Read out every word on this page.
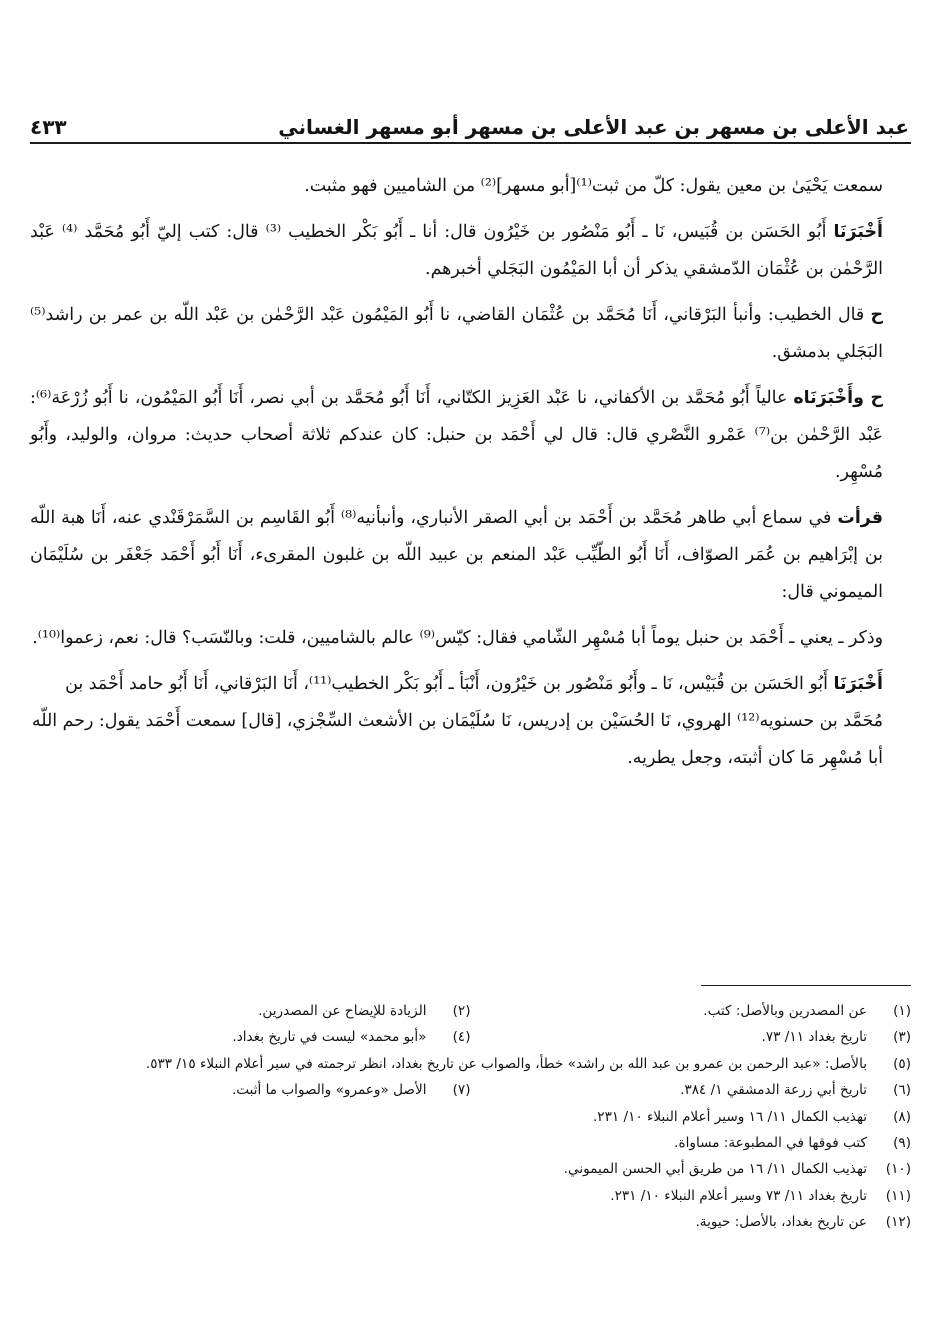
عبد الأعلى بن مسهر بن عبد الأعلى بن مسهر أبو مسهر الغساني
٤٣٣

سمعت يَحْيَىٰ بن معين يقول: كلّ من ثبت⁽¹⁾[أبو مسهر]⁽²⁾ من الشاميين فهو مثبت.

أَخْبَرَنَا أَبُو الحَسَن بن قُبَيس، نَا ـ أَبُو مَنْصُور بن خَيْرُون قال: أنا ـ أَبُو بَكْر الخطيب ⁽³⁾ قال: كتب إليّ أَبُو مُحَمَّد ⁽⁴⁾ عَبْد الرَّحْمٰن بن عُثْمَان الدّمشقي يذكر أن أبا المَيْمُون البَجَلي أخبرهم.

ح قال الخطيب: وأنبأ البَرْقاني، أَنَا مُحَمَّد بن عُثْمَان القاضي، نا أَبُو المَيْمُون عَبْد الرَّحْمٰن بن عَبْد اللّه بن عمر بن راشد⁽⁵⁾ البَجَلي بدمشق.

ح وأَخْبَرَنَاه عالياً أَبُو مُحَمَّد بن الأكفاني، نا عَبْد العَزِيز الكتّاني، أَنَا أَبُو مُحَمَّد بن أبي نصر، أَنَا أَبُو المَيْمُون، نا أَبُو زُرْعَة⁽⁶⁾: عَبْد الرَّحْمٰن بن⁽⁷⁾ عَمْرو النَّصْري قال: قال لي أَحْمَد بن حنبل: كان عندكم ثلاثة أصحاب حديث: مروان، والوليد، وأَبُو مُسْهِر.

قرأت في سماع أبي طاهر مُحَمَّد بن أَحْمَد بن أبي الصقر الأنباري، وأنبأنيه⁽⁸⁾ أَبُو القَاسِم بن السَّمَرْقَنْدي عنه، أَنَا هبة اللّه بن إبْرَاهيم بن عُمَر الصوّاف، أَنَا أَبُو الطّيِّب عَبْد المنعم بن عبيد اللّه بن غلبون المقرىء، أَنَا أَبُو أَحْمَد جَعْفَر بن سُلَيْمَان الميموني قال:

وذكر ـ يعني ـ أَحْمَد بن حنبل يوماً أبا مُسْهِر الشّامي فقال: كيّس⁽⁹⁾ عالم بالشاميين، قلت: وبالنّسَب؟ قال: نعم، زعموا⁽¹⁰⁾.

أَخْبَرَنَا أَبُو الحَسَن بن قُبَيْس، نَا ـ وأَبُو مَنْصُور بن خَيْرُون، أَنْبَأ ـ أَبُو بَكْر الخطيب⁽¹¹⁾، أَنَا البَرْقاني، أَنَا أَبُو حامد أَحْمَد بن مُحَمَّد بن حسنويه⁽¹²⁾ الهروي، نَا الحُسَيْن بن إدريس، نَا سُلَيْمَان بن الأشعث السِّجْزي، [قال] سمعت أَحْمَد يقول: رحم اللّه أبا مُسْهِر مَا كان أثبته، وجعل يطريه.

(١)
عن المصدرين وبالأصل: كتب.
(٢)
الزيادة للإيضاح عن المصدرين.
(٣)
تاريخ بغداد ١١/ ٧٣.
(٤)
«أبو محمد» ليست في تاريخ بغداد.
(٥)
بالأصل: «عبد الرحمن بن عمرو بن عبد الله بن راشد» خطأ، والصواب عن تاريخ بغداد، انظر ترجمته في سير أعلام النبلاء ١٥/ ٥٣٣.
(٦)
تاريخ أبي زرعة الدمشقي ١/ ٣٨٤.
(٧)
الأصل «وعمرو» والصواب ما أثبت.
(٨)
تهذيب الكمال ١١/ ١٦ وسير أعلام النبلاء ١٠/ ٢٣١.
(٩)
كتب فوقها في المطبوعة: مساواة.
(١٠)
تهذيب الكمال ١١/ ١٦ من طريق أبي الحسن الميموني.
(١١)
تاريخ بغداد ١١/ ٧٣ وسير أعلام النبلاء ١٠/ ٢٣١.
(١٢)
عن تاريخ بغداد، بالأصل: حيوية.
